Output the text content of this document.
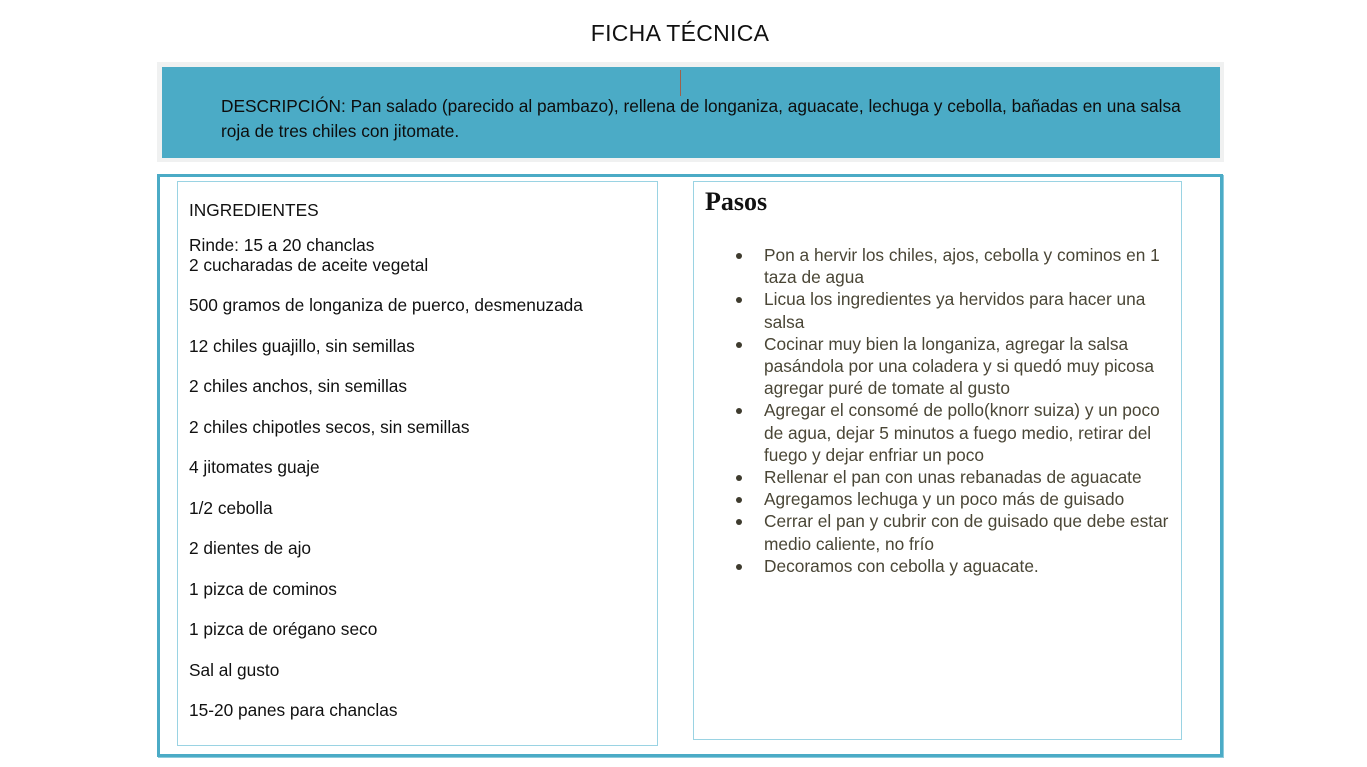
FICHA TÉCNICA
DESCRIPCIÓN: Pan salado (parecido al pambazo), rellena de longaniza, aguacate, lechuga y cebolla, bañadas en una salsa roja de tres chiles con jitomate.
INGREDIENTES
Rinde: 15 a 20 chanclas
2 cucharadas de aceite vegetal
500 gramos de longaniza de puerco, desmenuzada
12 chiles guajillo, sin semillas
2 chiles anchos, sin semillas
2 chiles chipotles secos, sin semillas
4 jitomates guaje
1/2 cebolla
2 dientes de ajo
1 pizca de cominos
1 pizca de orégano seco
Sal al gusto
15-20 panes para chanclas
Pasos
Pon a hervir los chiles, ajos, cebolla y cominos en 1 taza de agua
Licua los ingredientes ya hervidos para hacer una salsa
Cocinar muy bien la longaniza, agregar la salsa pasándola por una coladera y si quedó muy picosa agregar puré de tomate al gusto
Agregar el consomé de pollo(knorr suiza) y un poco de agua, dejar 5 minutos a fuego medio, retirar del fuego y dejar enfriar un poco
Rellenar el pan con unas rebanadas de aguacate
Agregamos lechuga y un poco más de guisado
Cerrar el pan y cubrir con de guisado que debe estar medio caliente, no frío
Decoramos con cebolla y aguacate.
